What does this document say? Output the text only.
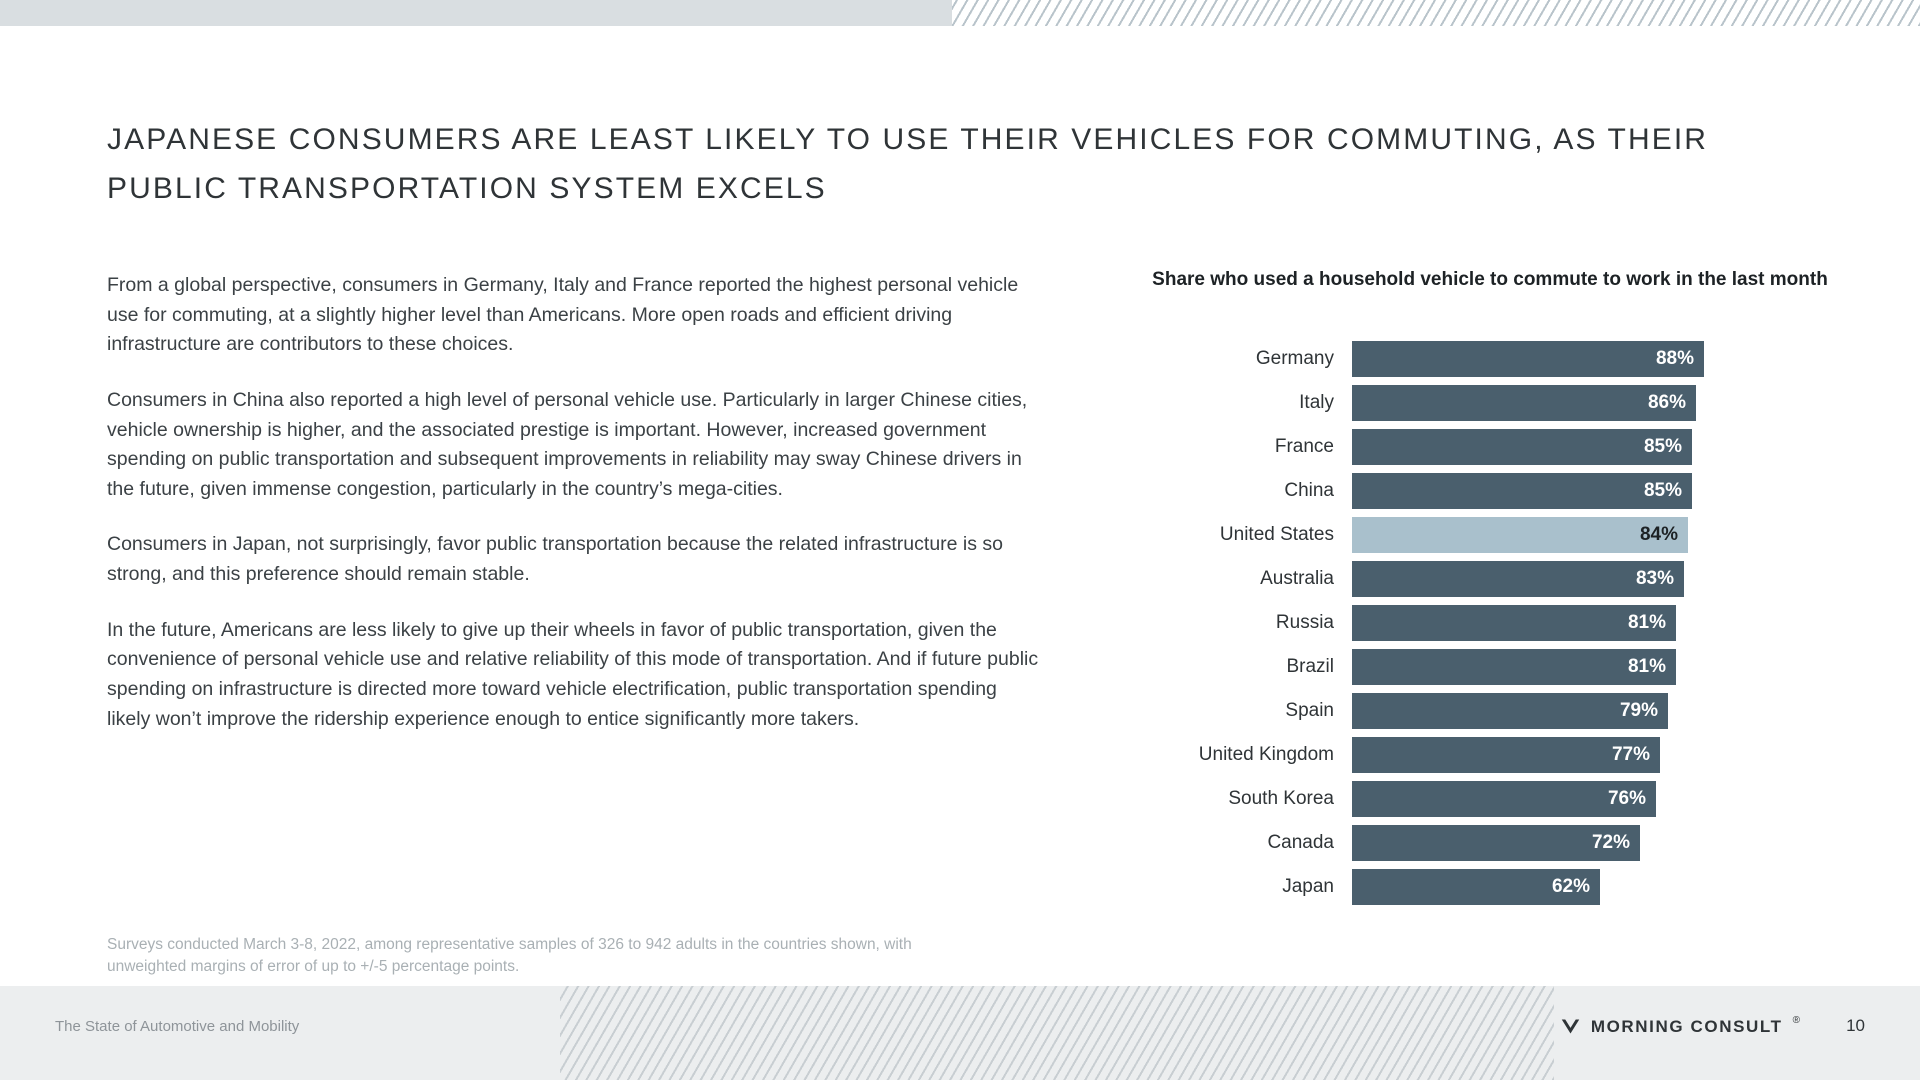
JAPANESE CONSUMERS ARE LEAST LIKELY TO USE THEIR VEHICLES FOR COMMUTING, AS THEIR PUBLIC TRANSPORTATION SYSTEM EXCELS

From a global perspective, consumers in Germany, Italy and France reported the highest personal vehicle use for commuting, at a slightly higher level than Americans. More open roads and efficient driving infrastructure are contributors to these choices.

Consumers in China also reported a high level of personal vehicle use. Particularly in larger Chinese cities, vehicle ownership is higher, and the associated prestige is important. However, increased government spending on public transportation and subsequent improvements in reliability may sway Chinese drivers in the future, given immense congestion, particularly in the country’s mega-cities.

Consumers in Japan, not surprisingly, favor public transportation because the related infrastructure is so strong, and this preference should remain stable.

In the future, Americans are less likely to give up their wheels in favor of public transportation, given the convenience of personal vehicle use and relative reliability of this mode of transportation. And if future public spending on infrastructure is directed more toward vehicle electrification, public transportation spending likely won’t improve the ridership experience enough to entice significantly more takers.

Surveys conducted March 3-8, 2022, among representative samples of 326 to 942 adults in the countries shown, with unweighted margins of error of up to +/-5 percentage points.
Share who used a household vehicle to commute to work in the last month
Germany	88%
Italy	86%
France	85%
China	85%
United States	84%
Australia	83%
Russia	81%
Brazil	81%
Spain	79%
United Kingdom	77%
South Korea	76%
Canada	72%
Japan	62%
The State of Automotive and Mobility	MORNING CONSULT ®	10
